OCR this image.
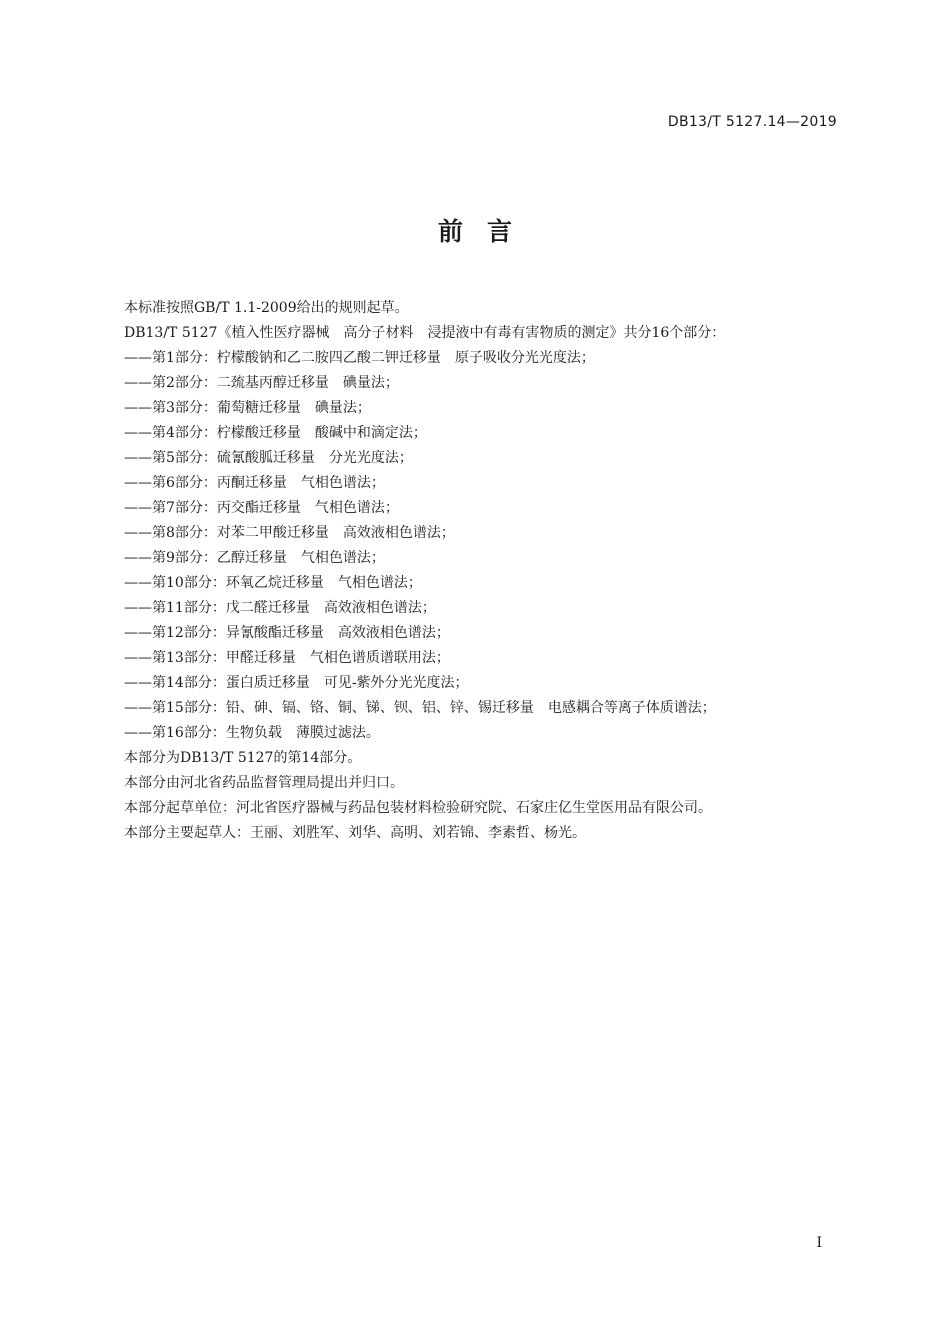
DB13/T 5127.14—2019
前言
本标准按照GB/T 1.1-2009给出的规则起草。
DB13/T 5127《植入性医疗器械　高分子材料　浸提液中有毒有害物质的测定》共分16个部分：
——第1部分：柠檬酸钠和乙二胺四乙酸二钾迁移量　原子吸收分光光度法；
——第2部分：二巯基丙醇迁移量　碘量法；
——第3部分：葡萄糖迁移量　碘量法；
——第4部分：柠檬酸迁移量　酸碱中和滴定法；
——第5部分：硫氰酸胍迁移量　分光光度法；
——第6部分：丙酮迁移量　气相色谱法；
——第7部分：丙交酯迁移量　气相色谱法；
——第8部分：对苯二甲酸迁移量　高效液相色谱法；
——第9部分：乙醇迁移量　气相色谱法；
——第10部分：环氧乙烷迁移量　气相色谱法；
——第11部分：戊二醛迁移量　高效液相色谱法；
——第12部分：异氰酸酯迁移量　高效液相色谱法；
——第13部分：甲醛迁移量　气相色谱质谱联用法；
——第14部分：蛋白质迁移量　可见-紫外分光光度法；
——第15部分：铅、砷、镉、铬、铜、锑、钡、铝、锌、锡迁移量　电感耦合等离子体质谱法；
——第16部分：生物负载　薄膜过滤法。
本部分为DB13/T 5127的第14部分。
本部分由河北省药品监督管理局提出并归口。
本部分起草单位：河北省医疗器械与药品包装材料检验研究院、石家庄亿生堂医用品有限公司。
本部分主要起草人：王丽、刘胜军、刘华、高明、刘若锦、李素哲、杨光。
I
